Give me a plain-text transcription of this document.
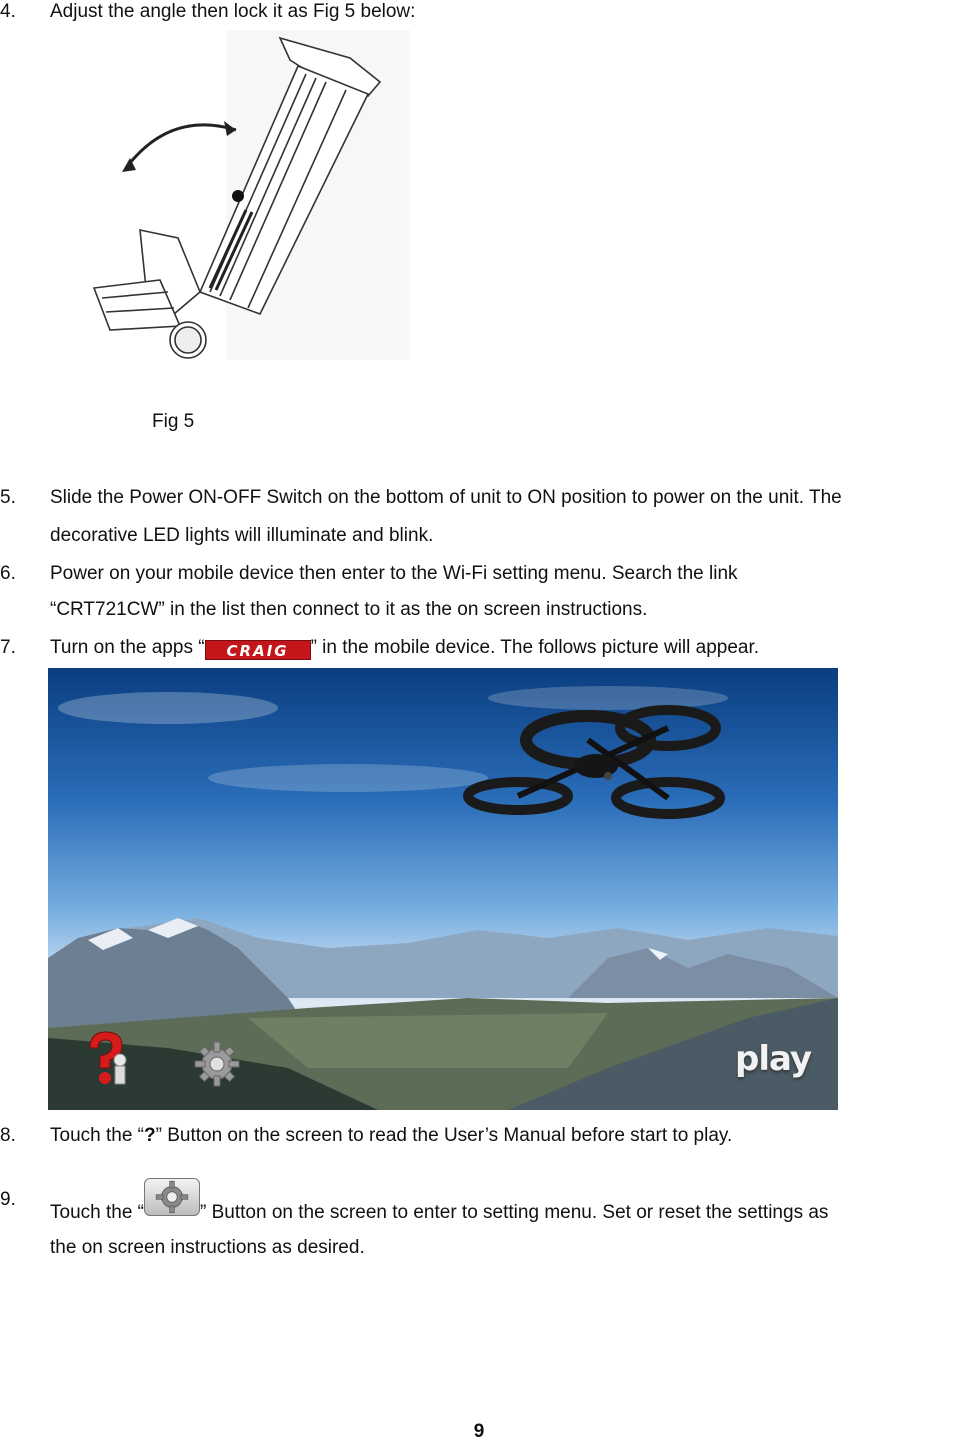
4.	Adjust the angle then lock it as Fig 5 below:
Fig 5
5.	Slide the Power ON-OFF Switch on the bottom of unit to ON position to power on the unit. The
decorative LED lights will illuminate and blink.
6.	Power on your mobile device then enter to the Wi-Fi setting menu. Search the link
“CRT721CW” in the list then connect to it as the on screen instructions.
7.	Turn on the apps “ CRAIG ” in the mobile device. The follows picture will appear.
play
8.	Touch the “?” Button on the screen to read the User’s Manual before start to play.
9.
Touch the “	” Button on the screen to enter to setting menu. Set or reset the settings as
the on screen instructions as desired.
9
